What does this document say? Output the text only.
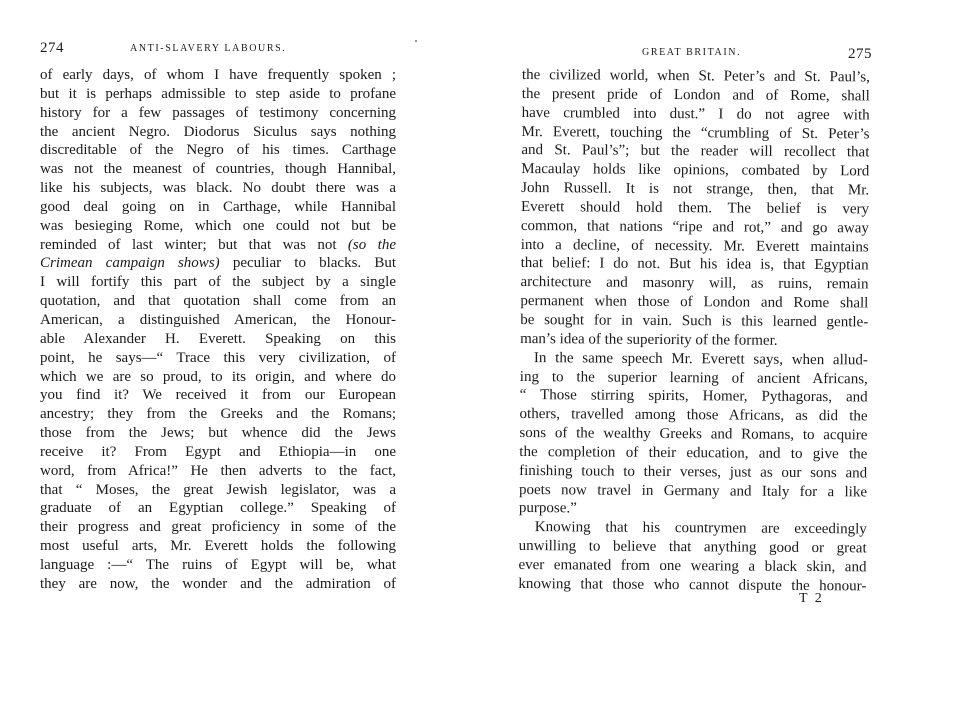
274	ANTI-SLAVERY LABOURS.
of early days, of whom I have frequently spoken ;
but it is perhaps admissible to step aside to profane
history for a few passages of testimony concerning
the ancient Negro. Diodorus Siculus says nothing
discreditable of the Negro of his times. Carthage
was not the meanest of countries, though Hannibal,
like his subjects, was black. No doubt there was a
good deal going on in Carthage, while Hannibal
was besieging Rome, which one could not but be
reminded of last winter; but that was not (so the
Crimean campaign shows) peculiar to blacks. But
I will fortify this part of the subject by a single
quotation, and that quotation shall come from an
American, a distinguished American, the Honour-
able Alexander H. Everett. Speaking on this
point, he says—“ Trace this very civilization, of
which we are so proud, to its origin, and where do
you find it? We received it from our European
ancestry; they from the Greeks and the Romans;
those from the Jews; but whence did the Jews
receive it? From Egypt and Ethiopia—in one
word, from Africa!” He then adverts to the fact,
that “ Moses, the great Jewish legislator, was a
graduate of an Egyptian college.” Speaking of
their progress and great proficiency in some of the
most useful arts, Mr. Everett holds the following
language :—“ The ruins of Egypt will be, what
they are now, the wonder and the admiration of
GREAT BRITAIN.	275
the civilized world, when St. Peter’s and St. Paul’s,
the present pride of London and of Rome, shall
have crumbled into dust.” I do not agree with
Mr. Everett, touching the “crumbling of St. Peter’s
and St. Paul’s”; but the reader will recollect that
Macaulay holds like opinions, combated by Lord
John Russell. It is not strange, then, that Mr.
Everett should hold them. The belief is very
common, that nations “ripe and rot,” and go away
into a decline, of necessity. Mr. Everett maintains
that belief: I do not. But his idea is, that Egyptian
architecture and masonry will, as ruins, remain
permanent when those of London and Rome shall
be sought for in vain. Such is this learned gentle-
man’s idea of the superiority of the former.
In the same speech Mr. Everett says, when allud-
ing to the superior learning of ancient Africans,
“ Those stirring spirits, Homer, Pythagoras, and
others, travelled among those Africans, as did the
sons of the wealthy Greeks and Romans, to acquire
the completion of their education, and to give the
finishing touch to their verses, just as our sons and
poets now travel in Germany and Italy for a like
purpose.”
Knowing that his countrymen are exceedingly
unwilling to believe that anything good or great
ever emanated from one wearing a black skin, and
knowing that those who cannot dispute the honour-
T 2
